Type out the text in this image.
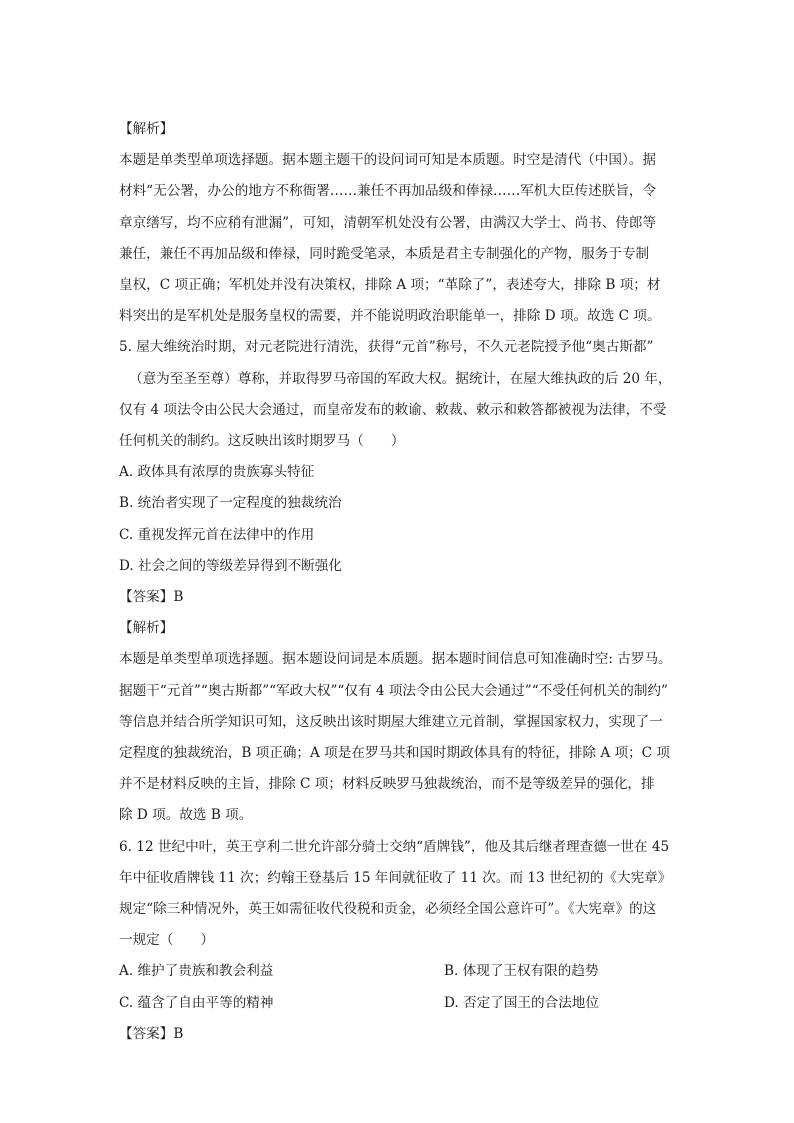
【解析】
本题是单类型单项选择题。据本题主题干的设问词可知是本质题。时空是清代（中国）。据
材料“无公署，办公的地方不称衙署……兼任不再加品级和俸禄……军机大臣传述朕旨，令
章京缮写，均不应稍有泄漏”，可知，清朝军机处没有公署，由满汉大学士、尚书、侍郎等
兼任，兼任不再加品级和俸禄，同时跪受笔录，本质是君主专制强化的产物，服务于专制
皇权，C 项正确；军机处并没有决策权，排除 A 项；“革除了”，表述夸大，排除 B 项；材
料突出的是军机处是服务皇权的需要，并不能说明政治职能单一，排除 D 项。故选 C 项。
5. 屋大维统治时期，对元老院进行清洗，获得“元首”称号，不久元老院授予他“奥古斯都”
（意为至圣至尊）尊称，并取得罗马帝国的军政大权。据统计，在屋大维执政的后 20 年，
仅有 4 项法令由公民大会通过，而皇帝发布的敕谕、敕裁、敕示和敕答都被视为法律，不受
任何机关的制约。这反映出该时期罗马（　　）
A. 政体具有浓厚的贵族寡头特征
B. 统治者实现了一定程度的独裁统治
C. 重视发挥元首在法律中的作用
D. 社会之间的等级差异得到不断强化
【答案】B
【解析】
本题是单类型单项选择题。据本题设问词是本质题。据本题时间信息可知准确时空: 古罗马。
据题干“元首”“奥古斯都”“军政大权”“仅有 4 项法令由公民大会通过”“不受任何机关的制约”
等信息并结合所学知识可知，这反映出该时期屋大维建立元首制，掌握国家权力，实现了一
定程度的独裁统治，B 项正确；A 项是在罗马共和国时期政体具有的特征，排除 A 项；C 项
并不是材料反映的主旨，排除 C 项；材料反映罗马独裁统治，而不是等级差异的强化，排
除 D 项。故选 B 项。
6. 12 世纪中叶，英王亨利二世允许部分骑士交纳“盾牌钱”，他及其后继者理查德一世在 45
年中征收盾牌钱 11 次；约翰王登基后 15 年间就征收了 11 次。而 13 世纪初的《大宪章》
规定“除三种情况外，英王如需征收代役税和贡金，必须经全国公意许可”。《大宪章》的这
一规定（　　）
A. 维护了贵族和教会利益	B. 体现了王权有限的趋势
C. 蕴含了自由平等的精神	D. 否定了国王的合法地位
【答案】B
